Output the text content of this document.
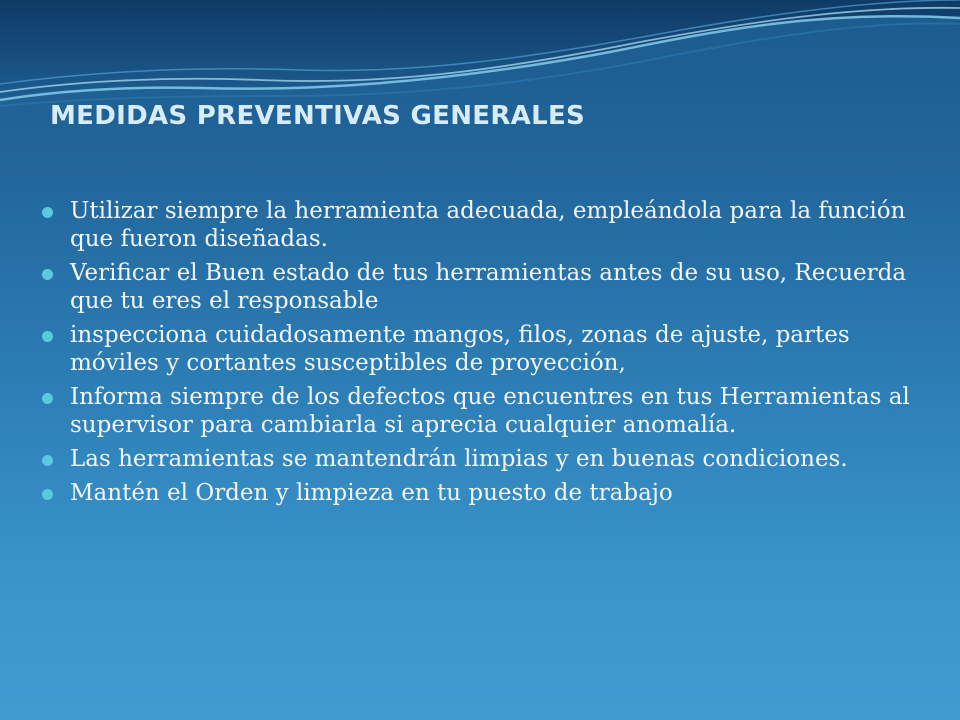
MEDIDAS PREVENTIVAS GENERALES
Utilizar siempre la herramienta adecuada, empleándola para la función que fueron diseñadas.
Verificar el Buen estado de tus herramientas antes de su uso, Recuerda que tu eres el responsable
inspecciona cuidadosamente mangos, filos, zonas de ajuste, partes móviles y cortantes susceptibles de proyección,
Informa siempre de los defectos que encuentres en tus Herramientas al supervisor para cambiarla si aprecia cualquier anomalía.
Las herramientas se mantendrán limpias y en buenas condiciones.
Mantén el Orden y limpieza en tu puesto de trabajo
